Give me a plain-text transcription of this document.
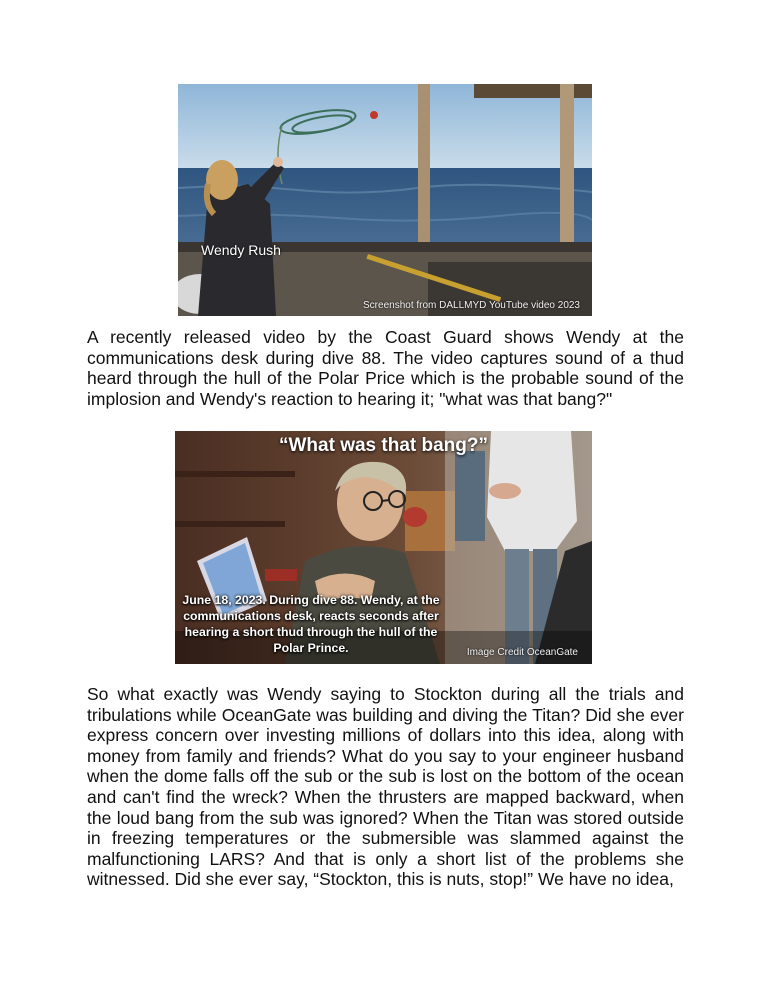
Wendy Rush
Screenshot from DALLMYD YouTube video 2023

A recently released video by the Coast Guard shows Wendy at the communications desk during dive 88. The video captures sound of a thud heard through the hull of the Polar Price which is the probable sound of the implosion and Wendy's reaction to hearing it; "what was that bang?"

“What was that bang?”
June 18, 2023. During dive 88. Wendy, at the communications desk, reacts seconds after hearing a short thud through the hull of the Polar Prince.	Image Credit OceanGate

So what exactly was Wendy saying to Stockton during all the trials and tribulations while OceanGate was building and diving the Titan? Did she ever express concern over investing millions of dollars into this idea, along with money from family and friends? What do you say to your engineer husband when the dome falls off the sub or the sub is lost on the bottom of the ocean and can't find the wreck? When the thrusters are mapped backward, when the loud bang from the sub was ignored? When the Titan was stored outside in freezing temperatures or the submersible was slammed against the malfunctioning LARS? And that is only a short list of the problems she witnessed. Did she ever say, “Stockton, this is nuts, stop!” We have no idea,
